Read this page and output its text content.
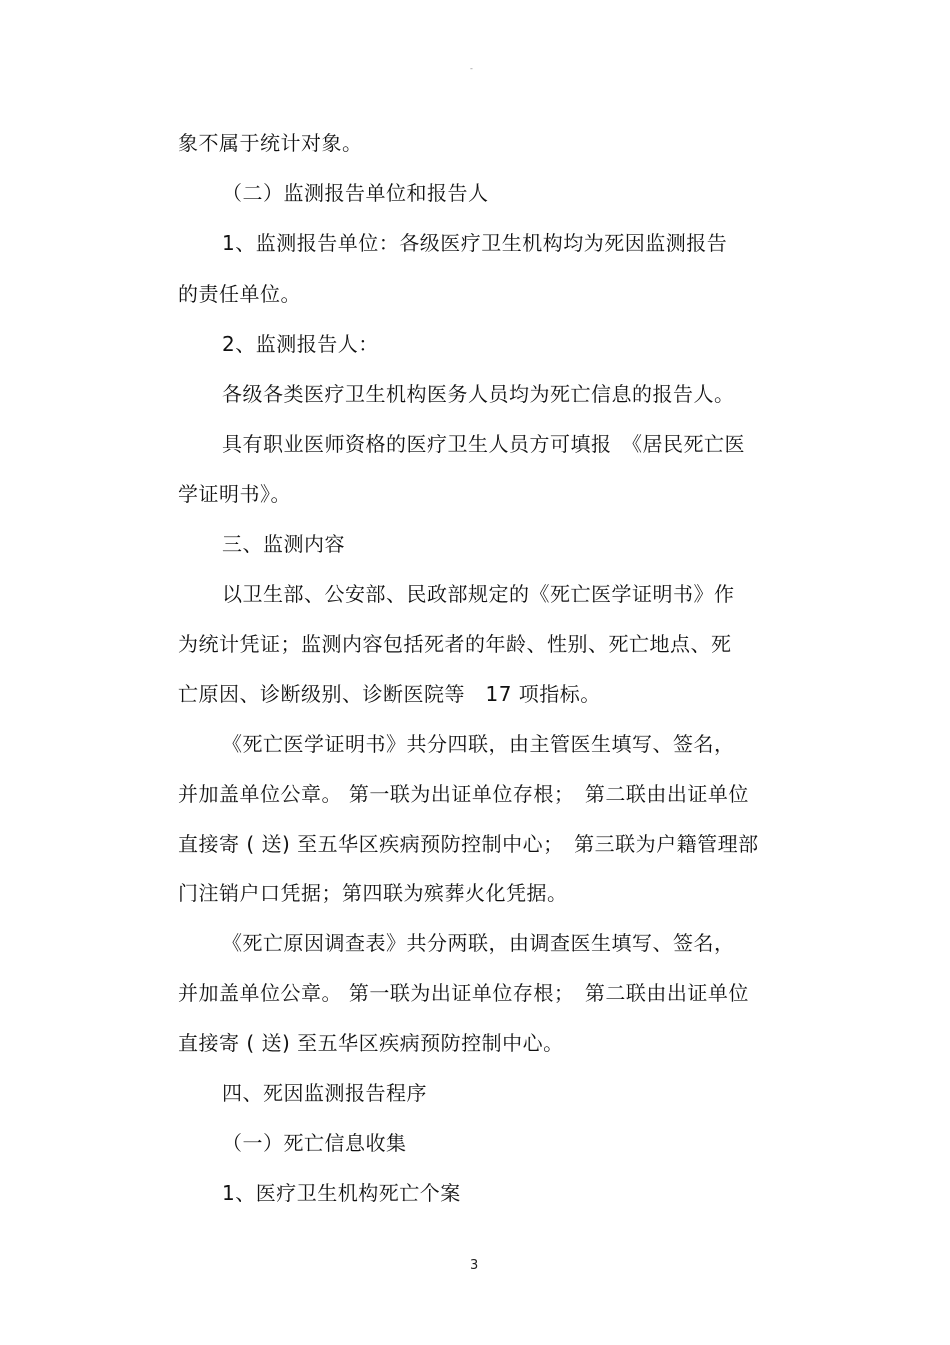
-
象不属于统计对象。
（二）监测报告单位和报告人
1、监测报告单位：各级医疗卫生机构均为死因监测报告
的责任单位。
2、监测报告人：
各级各类医疗卫生机构医务人员均为死亡信息的报告人。
具有职业医师资格的医疗卫生人员方可填报　《居民死亡医
学证明书》。
三、监测内容
以卫生部、公安部、民政部规定的《死亡医学证明书》作
为统计凭证；监测内容包括死者的年龄、性别、死亡地点、死
亡原因、诊断级别、诊断医院等　17 项指标。
《死亡医学证明书》共分四联，由主管医生填写、签名，
并加盖单位公章。 第一联为出证单位存根；　第二联由出证单位
直接寄 ( 送) 至五华区疾病预防控制中心；　第三联为户籍管理部
门注销户口凭据；第四联为殡葬火化凭据。
《死亡原因调查表》共分两联，由调查医生填写、签名，
并加盖单位公章。 第一联为出证单位存根；　第二联由出证单位
直接寄 ( 送) 至五华区疾病预防控制中心。
四、死因监测报告程序
（一）死亡信息收集
1、医疗卫生机构死亡个案
3
